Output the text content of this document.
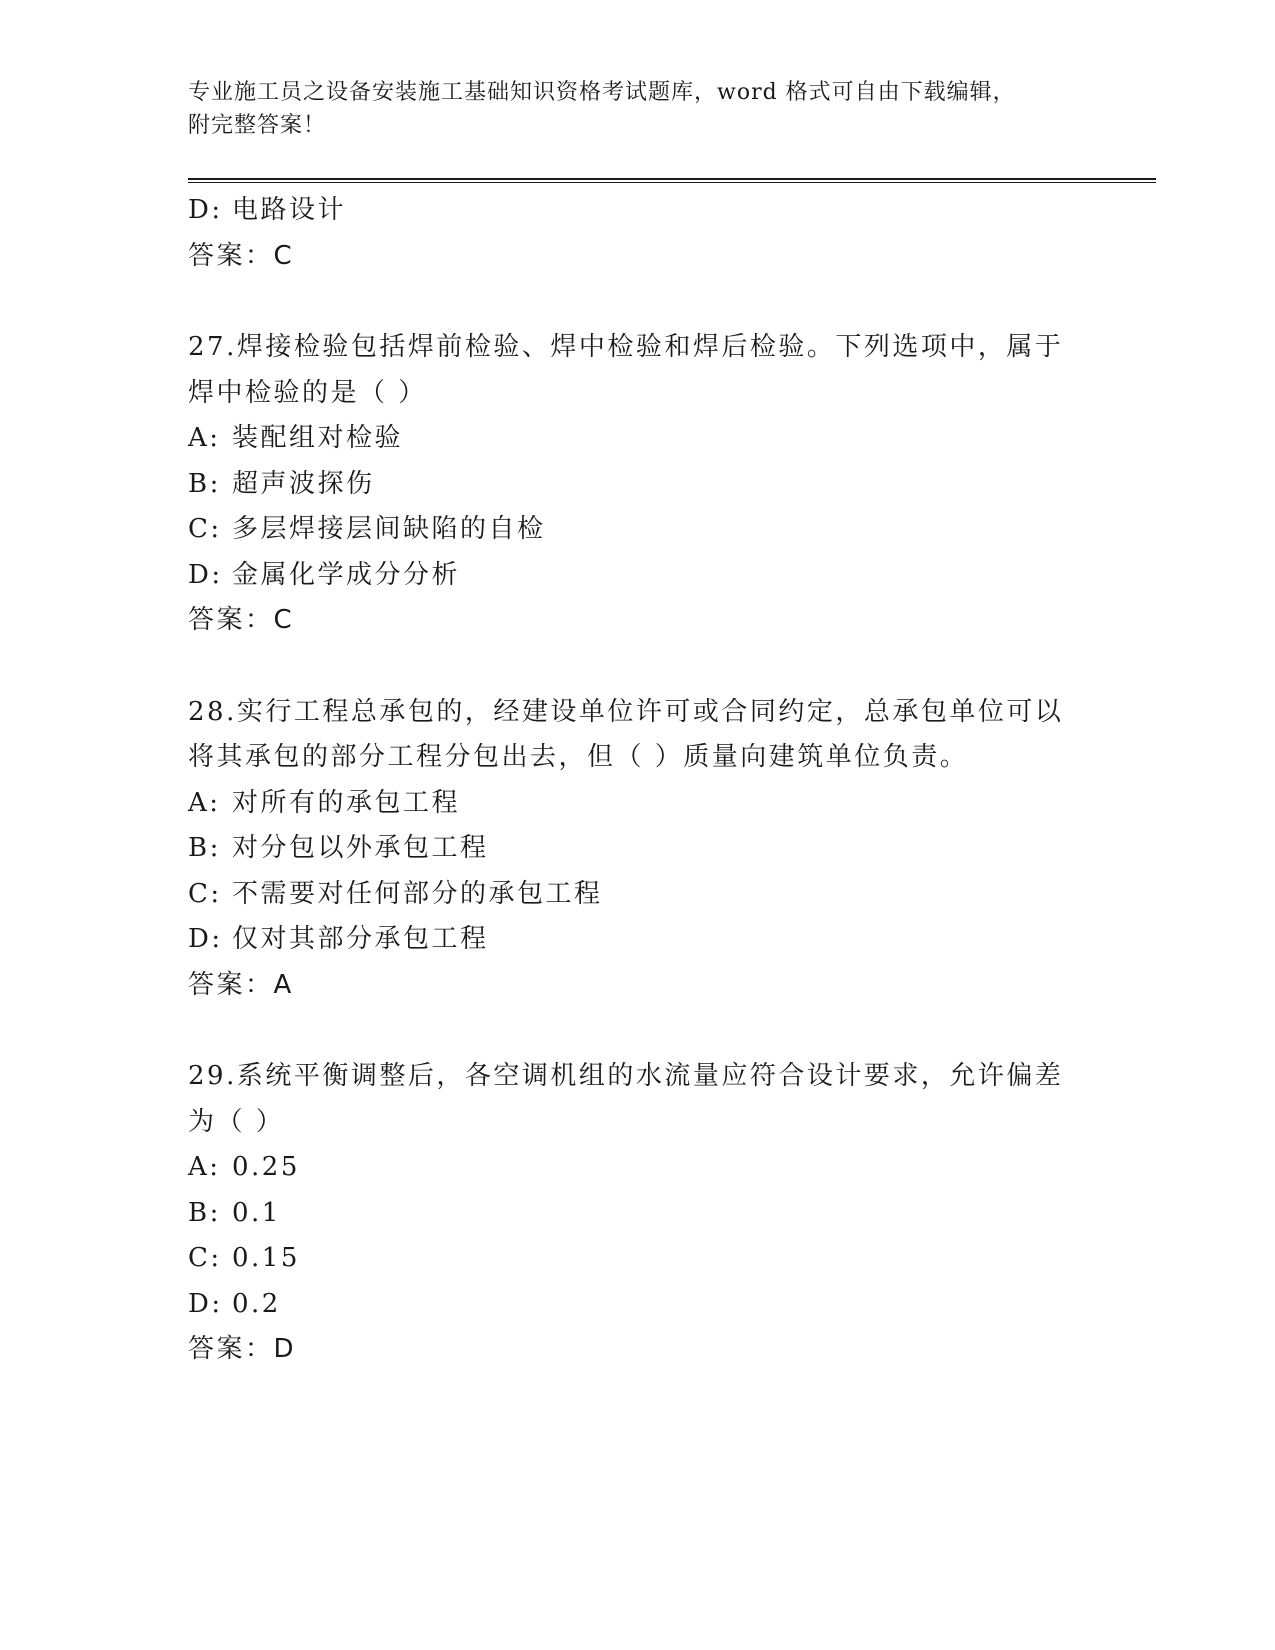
专业施工员之设备安装施工基础知识资格考试题库，word 格式可自由下载编辑，
附完整答案！
D: 电路设计
答案：C
27.焊接检验包括焊前检验、焊中检验和焊后检验。下列选项中，属于
焊中检验的是（ ）
A: 装配组对检验
B: 超声波探伤
C: 多层焊接层间缺陷的自检
D: 金属化学成分分析
答案：C
28.实行工程总承包的，经建设单位许可或合同约定，总承包单位可以
将其承包的部分工程分包出去，但（ ）质量向建筑单位负责。
A: 对所有的承包工程
B: 对分包以外承包工程
C: 不需要对任何部分的承包工程
D: 仅对其部分承包工程
答案：A
29.系统平衡调整后，各空调机组的水流量应符合设计要求，允许偏差
为（ ）
A: 0.25
B: 0.1
C: 0.15
D: 0.2
答案：D
